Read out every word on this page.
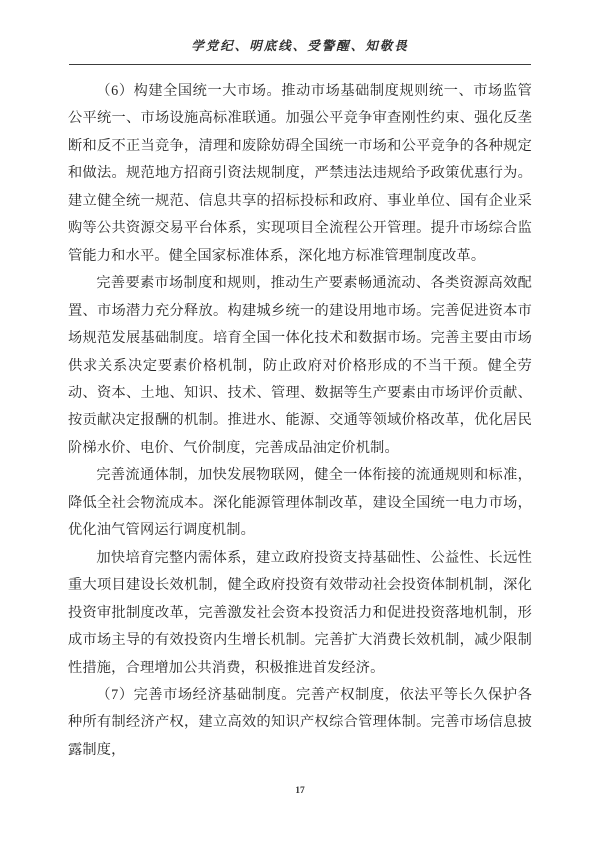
学党纪、明底线、受警醒、知敬畏

（6）构建全国统一大市场。推动市场基础制度规则统一、市场监管公平统一、市场设施高标准联通。加强公平竞争审查刚性约束、强化反垄断和反不正当竞争，清理和废除妨碍全国统一市场和公平竞争的各种规定和做法。规范地方招商引资法规制度，严禁违法违规给予政策优惠行为。建立健全统一规范、信息共享的招标投标和政府、事业单位、国有企业采购等公共资源交易平台体系，实现项目全流程公开管理。提升市场综合监管能力和水平。健全国家标准体系，深化地方标准管理制度改革。

完善要素市场制度和规则，推动生产要素畅通流动、各类资源高效配置、市场潜力充分释放。构建城乡统一的建设用地市场。完善促进资本市场规范发展基础制度。培育全国一体化技术和数据市场。完善主要由市场供求关系决定要素价格机制，防止政府对价格形成的不当干预。健全劳动、资本、土地、知识、技术、管理、数据等生产要素由市场评价贡献、按贡献决定报酬的机制。推进水、能源、交通等领域价格改革，优化居民阶梯水价、电价、气价制度，完善成品油定价机制。

完善流通体制，加快发展物联网，健全一体衔接的流通规则和标准，降低全社会物流成本。深化能源管理体制改革，建设全国统一电力市场，优化油气管网运行调度机制。

加快培育完整内需体系，建立政府投资支持基础性、公益性、长远性重大项目建设长效机制，健全政府投资有效带动社会投资体制机制，深化投资审批制度改革，完善激发社会资本投资活力和促进投资落地机制，形成市场主导的有效投资内生增长机制。完善扩大消费长效机制，减少限制性措施，合理增加公共消费，积极推进首发经济。

（7）完善市场经济基础制度。完善产权制度，依法平等长久保护各种所有制经济产权，建立高效的知识产权综合管理体制。完善市场信息披露制度，

17
